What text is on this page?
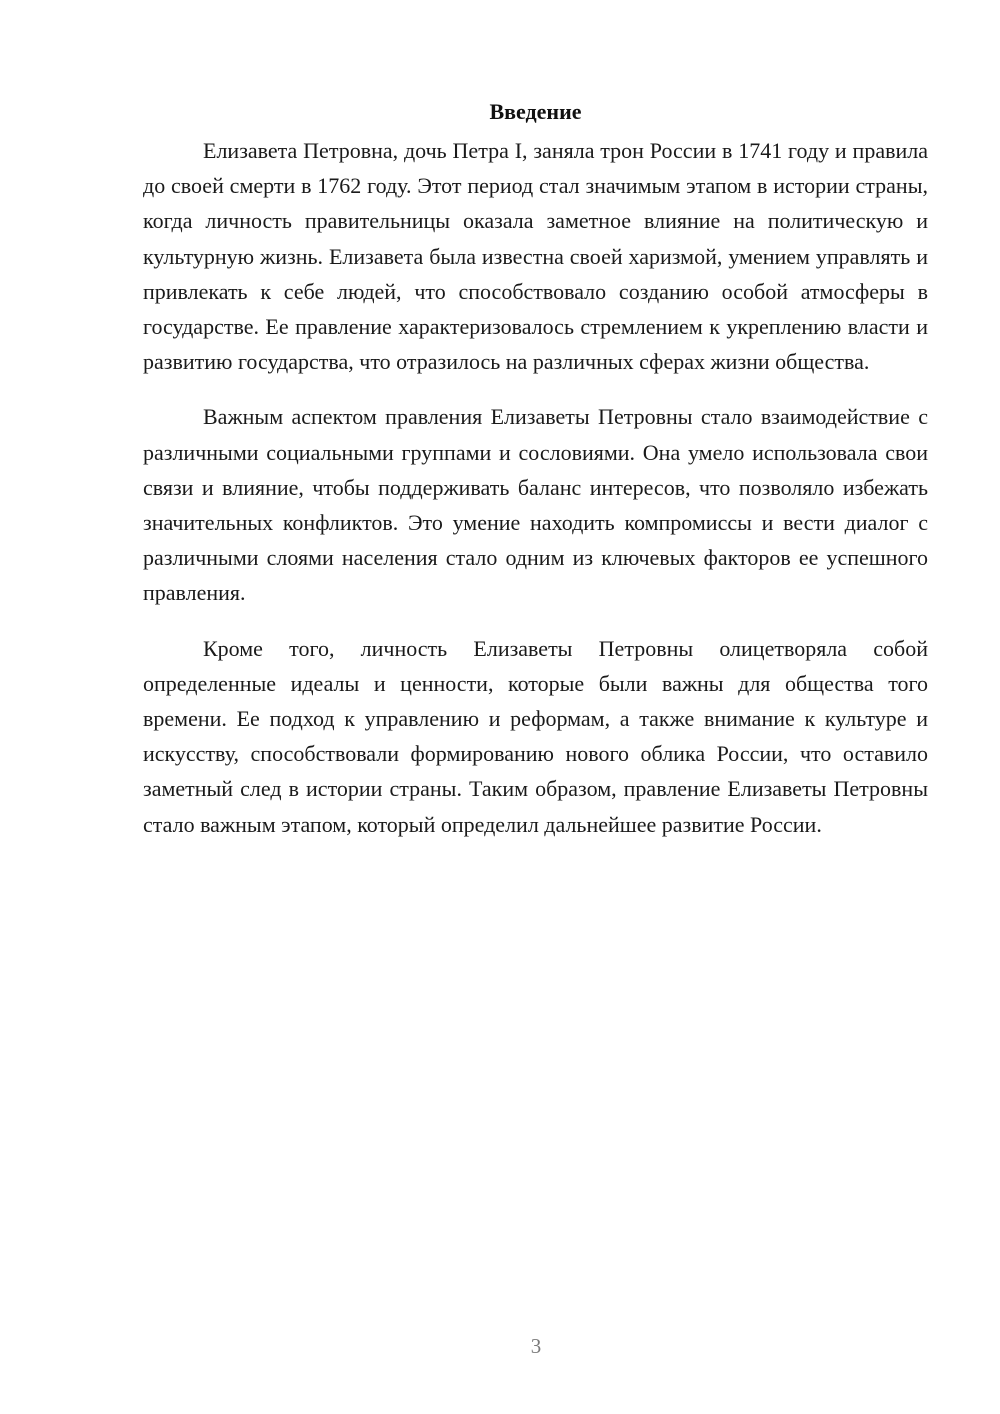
Введение

Елизавета Петровна, дочь Петра I, заняла трон России в 1741 году и правила до своей смерти в 1762 году. Этот период стал значимым этапом в истории страны, когда личность правительницы оказала заметное влияние на политическую и культурную жизнь. Елизавета была известна своей харизмой, умением управлять и привлекать к себе людей, что способствовало созданию особой атмосферы в государстве. Ее правление характеризовалось стремлением к укреплению власти и развитию государства, что отразилось на различных сферах жизни общества.

Важным аспектом правления Елизаветы Петровны стало взаимодействие с различными социальными группами и сословиями. Она умело использовала свои связи и влияние, чтобы поддерживать баланс интересов, что позволяло избежать значительных конфликтов. Это умение находить компромиссы и вести диалог с различными слоями населения стало одним из ключевых факторов ее успешного правления.

Кроме того, личность Елизаветы Петровны олицетворяла собой определенные идеалы и ценности, которые были важны для общества того времени. Ее подход к управлению и реформам, а также внимание к культуре и искусству, способствовали формированию нового облика России, что оставило заметный след в истории страны. Таким образом, правление Елизаветы Петровны стало важным этапом, который определил дальнейшее развитие России.

3
